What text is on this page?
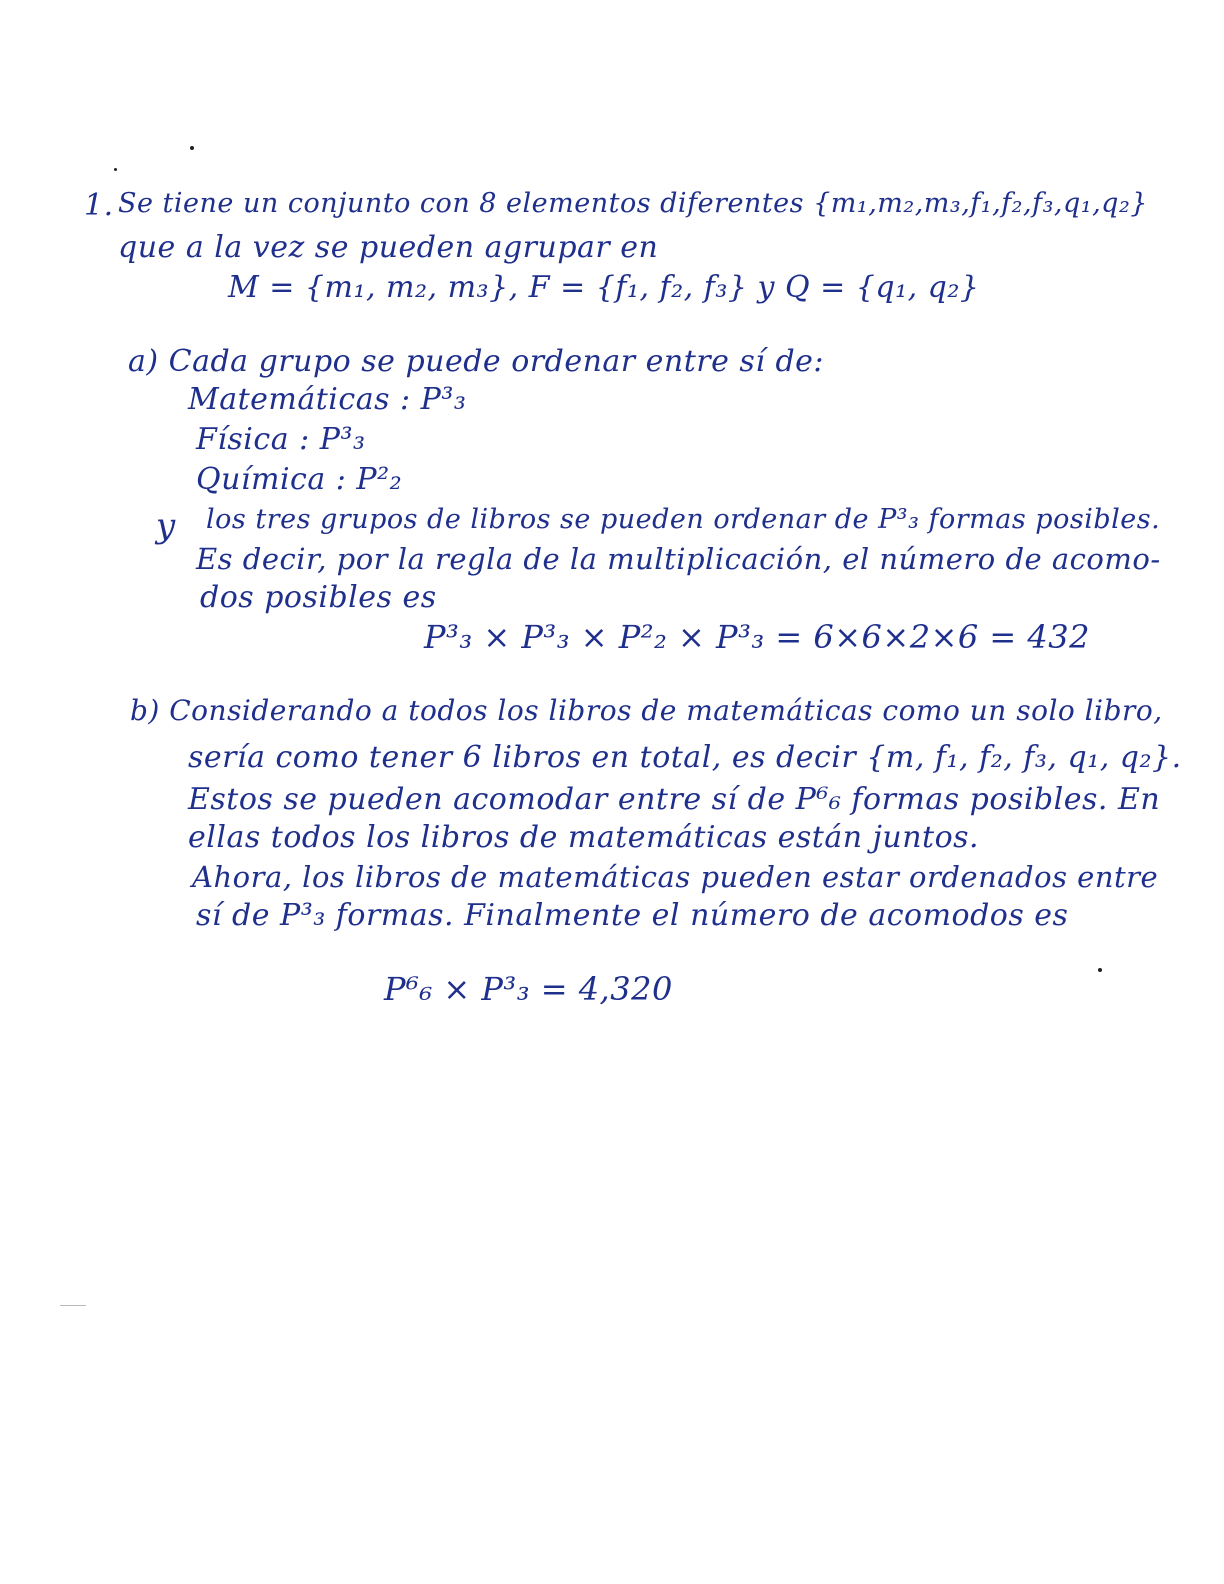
1. Se tiene un conjunto con 8 elementos diferentes {m₁,m₂,m₃,f₁,f₂,f₃,q₁,q₂}
que a la vez se pueden agrupar en
M = {m₁, m₂, m₃}, F = {f₁, f₂, f₃} y Q = {q₁, q₂}
a) Cada grupo se puede ordenar entre sí de:
Matemáticas : P³₃
Física : P³₃
Química : P²₂
y los tres grupos de libros se pueden ordenar de P³₃ formas posibles.
Es decir, por la regla de la multiplicación, el número de acomo-
dos posibles es
P³₃ × P³₃ × P²₂ × P³₃ = 6×6×2×6 = 432
b) Considerando a todos los libros de matemáticas como un solo libro,
sería como tener 6 libros en total, es decir {m, f₁, f₂, f₃, q₁, q₂}.
Estos se pueden acomodar entre sí de P⁶₆ formas posibles. En
ellas todos los libros de matemáticas están juntos.
Ahora, los libros de matemáticas pueden estar ordenados entre
sí de P³₃ formas. Finalmente el número de acomodos es
P⁶₆ × P³₃ = 4,320
